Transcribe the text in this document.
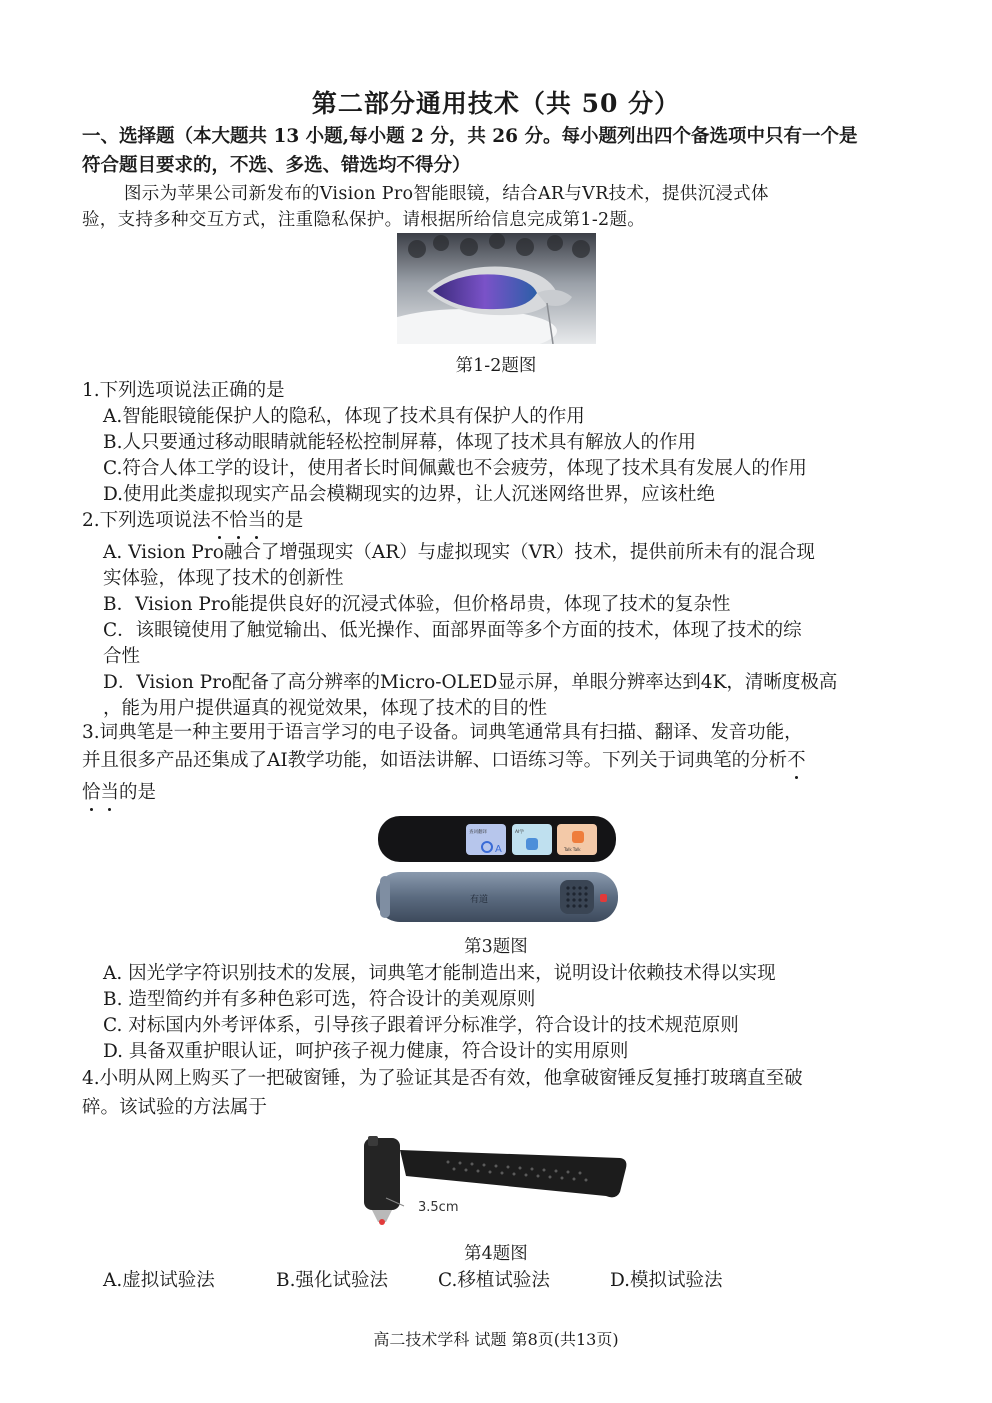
第二部分通用技术（共 50 分）
一、选择题（本大题共 13 小题,每小题 2 分，共 26 分。每小题列出四个备选项中只有一个是
符合题目要求的，不选、多选、错选均不得分）
图示为苹果公司新发布的Vision Pro智能眼镜，结合AR与VR技术，提供沉浸式体
验，支持多种交互方式，注重隐私保护。请根据所给信息完成第1-2题。
第1-2题图
1.下列选项说法正确的是
A.智能眼镜能保护人的隐私，体现了技术具有保护人的作用
B.人只要通过移动眼睛就能轻松控制屏幕，体现了技术具有解放人的作用
C.符合人体工学的设计，使用者长时间佩戴也不会疲劳，体现了技术具有发展人的作用
D.使用此类虚拟现实产品会模糊现实的边界，让人沉迷网络世界，应该杜绝
2.下列选项说法不恰当的是
A. Vision Pro融合了增强现实（AR）与虚拟现实（VR）技术，提供前所未有的混合现
实体验，体现了技术的创新性
B．Vision Pro能提供良好的沉浸式体验，但价格昂贵，体现了技术的复杂性
C．该眼镜使用了触觉输出、低光操作、面部界面等多个方面的技术，体现了技术的综
合性
D．Vision Pro配备了高分辨率的Micro-OLED显示屏，单眼分辨率达到4K，清晰度极高
，能为用户提供逼真的视觉效果，体现了技术的目的性
3.词典笔是一种主要用于语言学习的电子设备。词典笔通常具有扫描、翻译、发音功能，
并且很多产品还集成了AI教学功能，如语法讲解、口语练习等。下列关于词典笔的分析不
恰当的是
A
查词翻译	AI学
Talk Talk
有道
第3题图
A. 因光学字符识别技术的发展，词典笔才能制造出来，说明设计依赖技术得以实现
B. 造型简约并有多种色彩可选，符合设计的美观原则
C. 对标国内外考评体系，引导孩子跟着评分标准学，符合设计的技术规范原则
D. 具备双重护眼认证，呵护孩子视力健康，符合设计的实用原则
4.小明从网上购买了一把破窗锤，为了验证其是否有效，他拿破窗锤反复捶打玻璃直至破
碎。该试验的方法属于
3.5cm
第4题图
A.虚拟试验法	B.强化试验法	C.移植试验法	D.模拟试验法
高二技术学科 试题 第8页(共13页)
